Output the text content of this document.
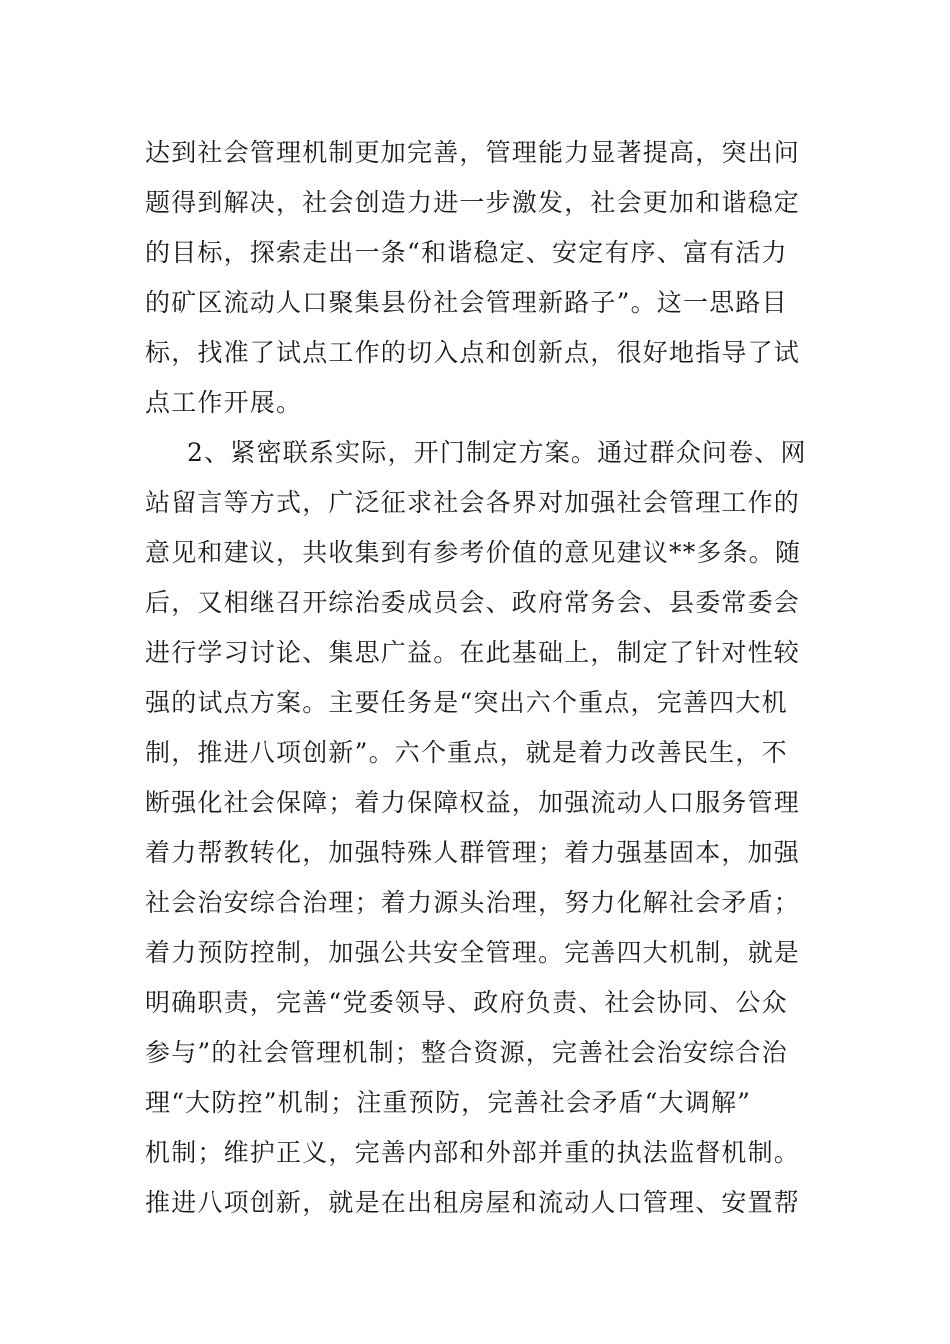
达到社会管理机制更加完善，管理能力显著提高，突出问
题得到解决，社会创造力进一步激发，社会更加和谐稳定
的目标，探索走出一条“和谐稳定、安定有序、富有活力
的矿区流动人口聚集县份社会管理新路子”。这一思路目
标，找准了试点工作的切入点和创新点，很好地指导了试
点工作开展。
2、紧密联系实际，开门制定方案。通过群众问卷、网
站留言等方式，广泛征求社会各界对加强社会管理工作的
意见和建议，共收集到有参考价值的意见建议**多条。随
后，又相继召开综治委成员会、政府常务会、县委常委会
进行学习讨论、集思广益。在此基础上，制定了针对性较
强的试点方案。主要任务是“突出六个重点，完善四大机
制，推进八项创新”。六个重点，就是着力改善民生，不
断强化社会保障；着力保障权益，加强流动人口服务管理
着力帮教转化，加强特殊人群管理；着力强基固本，加强
社会治安综合治理；着力源头治理，努力化解社会矛盾；
着力预防控制，加强公共安全管理。完善四大机制，就是
明确职责，完善“党委领导、政府负责、社会协同、公众
参与”的社会管理机制；整合资源，完善社会治安综合治
理“大防控”机制；注重预防，完善社会矛盾“大调解”
机制；维护正义，完善内部和外部并重的执法监督机制。
推进八项创新，就是在出租房屋和流动人口管理、安置帮
